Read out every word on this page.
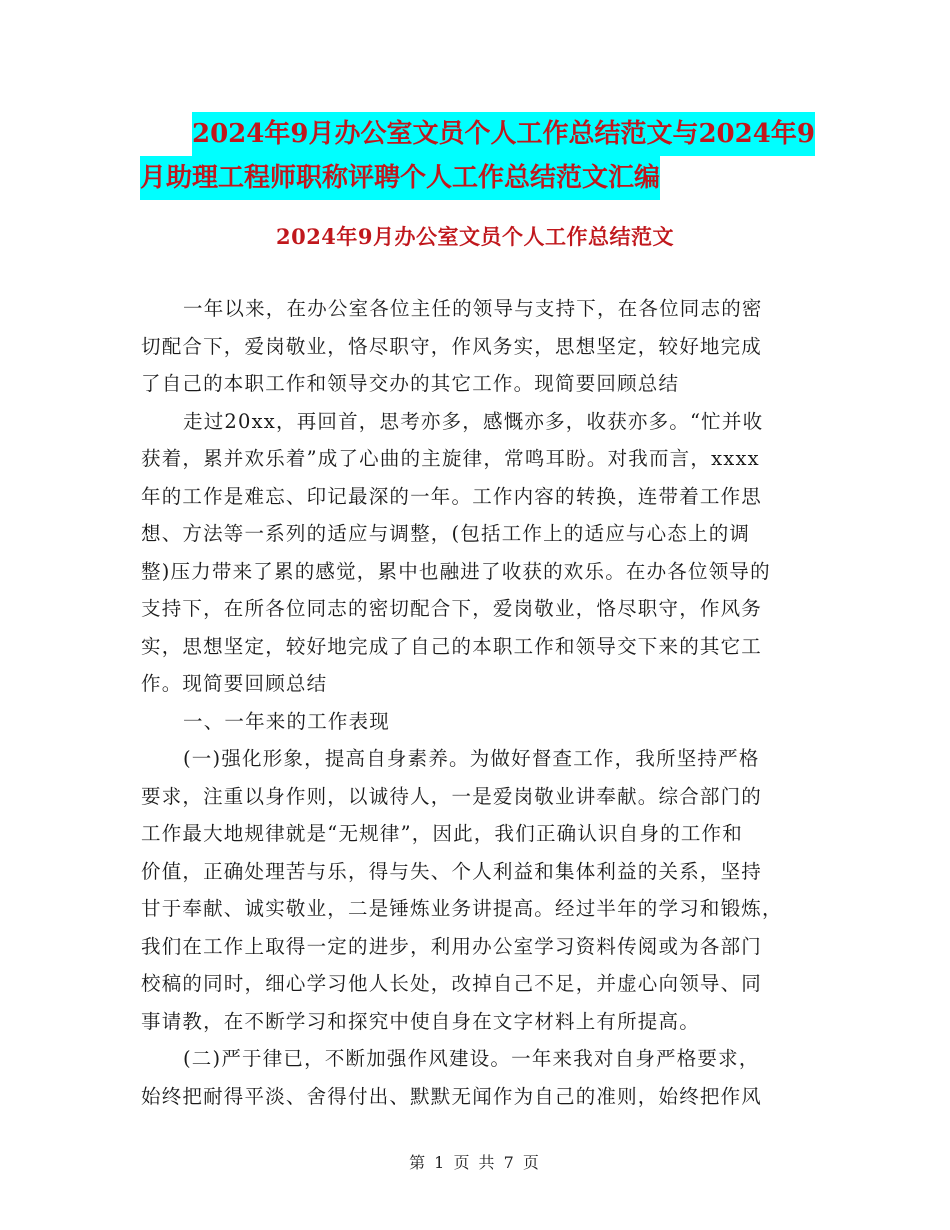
2024年9月办公室文员个人工作总结范文与2024年9
月助理工程师职称评聘个人工作总结范文汇编
2024年9月办公室文员个人工作总结范文
一年以来，在办公室各位主任的领导与支持下，在各位同志的密
切配合下，爱岗敬业，恪尽职守，作风务实，思想坚定，较好地完成
了自己的本职工作和领导交办的其它工作。现简要回顾总结
走过20xx，再回首，思考亦多，感慨亦多，收获亦多。“忙并收
获着，累并欢乐着”成了心曲的主旋律，常鸣耳盼。对我而言，xxxx
年的工作是难忘、印记最深的一年。工作内容的转换，连带着工作思
想、方法等一系列的适应与调整，(包括工作上的适应与心态上的调
整)压力带来了累的感觉，累中也融进了收获的欢乐。在办各位领导的
支持下，在所各位同志的密切配合下，爱岗敬业，恪尽职守，作风务
实，思想坚定，较好地完成了自己的本职工作和领导交下来的其它工
作。现简要回顾总结
一、一年来的工作表现
(一)强化形象，提高自身素养。为做好督查工作，我所坚持严格
要求，注重以身作则，以诚待人，一是爱岗敬业讲奉献。综合部门的
工作最大地规律就是“无规律”，因此，我们正确认识自身的工作和
价值，正确处理苦与乐，得与失、个人利益和集体利益的关系，坚持
甘于奉献、诚实敬业，二是锤炼业务讲提高。经过半年的学习和锻炼，
我们在工作上取得一定的进步，利用办公室学习资料传阅或为各部门
校稿的同时，细心学习他人长处，改掉自己不足，并虚心向领导、同
事请教，在不断学习和探究中使自身在文字材料上有所提高。
(二)严于律已，不断加强作风建设。一年来我对自身严格要求，
始终把耐得平淡、舍得付出、默默无闻作为自己的准则，始终把作风
第 1 页 共 7 页
